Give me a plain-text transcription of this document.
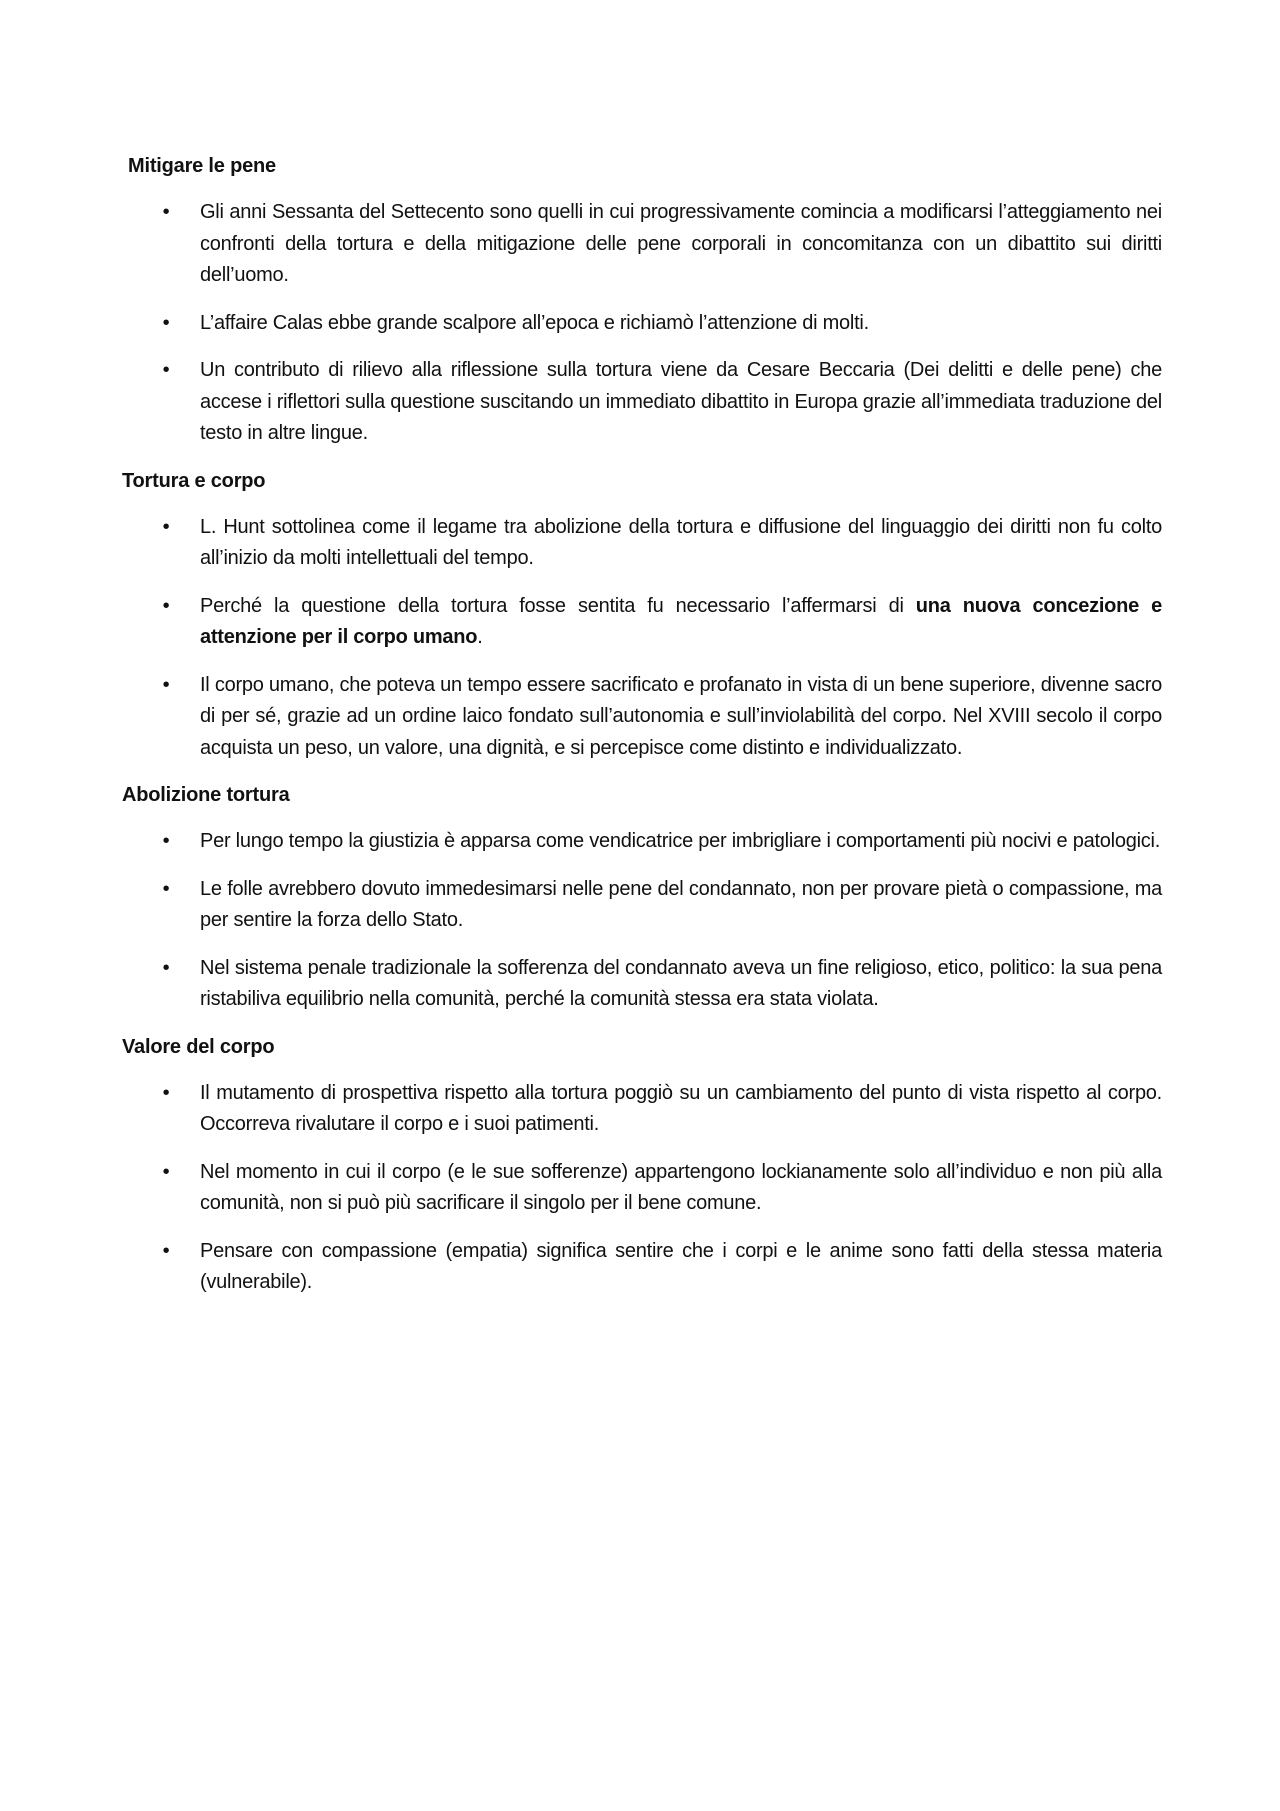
Mitigare le pene
• Gli anni Sessanta del Settecento sono quelli in cui progressivamente comincia a modificarsi l’atteggiamento nei confronti della tortura e della mitigazione delle pene corporali in concomitanza con un dibattito sui diritti dell’uomo.
• L’affaire Calas ebbe grande scalpore all’epoca e richiamò l’attenzione di molti.
• Un contributo di rilievo alla riflessione sulla tortura viene da Cesare Beccaria (Dei delitti e delle pene) che accese i riflettori sulla questione suscitando un immediato dibattito in Europa grazie all’immediata traduzione del testo in altre lingue.
Tortura e corpo
• L. Hunt sottolinea come il legame tra abolizione della tortura e diffusione del linguaggio dei diritti non fu colto all’inizio da molti intellettuali del tempo.
• Perché la questione della tortura fosse sentita fu necessario l’affermarsi di una nuova concezione e attenzione per il corpo umano.
• Il corpo umano, che poteva un tempo essere sacrificato e profanato in vista di un bene superiore, divenne sacro di per sé, grazie ad un ordine laico fondato sull’autonomia e sull’inviolabilità del corpo. Nel XVIII secolo il corpo acquista un peso, un valore, una dignità, e si percepisce come distinto e individualizzato.
Abolizione tortura
• Per lungo tempo la giustizia è apparsa come vendicatrice per imbrigliare i comportamenti più nocivi e patologici.
• Le folle avrebbero dovuto immedesimarsi nelle pene del condannato, non per provare pietà o compassione, ma per sentire la forza dello Stato.
• Nel sistema penale tradizionale la sofferenza del condannato aveva un fine religioso, etico, politico: la sua pena ristabiliva equilibrio nella comunità, perché la comunità stessa era stata violata.
Valore del corpo
• Il mutamento di prospettiva rispetto alla tortura poggiò su un cambiamento del punto di vista rispetto al corpo. Occorreva rivalutare il corpo e i suoi patimenti.
• Nel momento in cui il corpo (e le sue sofferenze) appartengono lockianamente solo all’individuo e non più alla comunità, non si può più sacrificare il singolo per il bene comune.
• Pensare con compassione (empatia) significa sentire che i corpi e le anime sono fatti della stessa materia (vulnerabile).
